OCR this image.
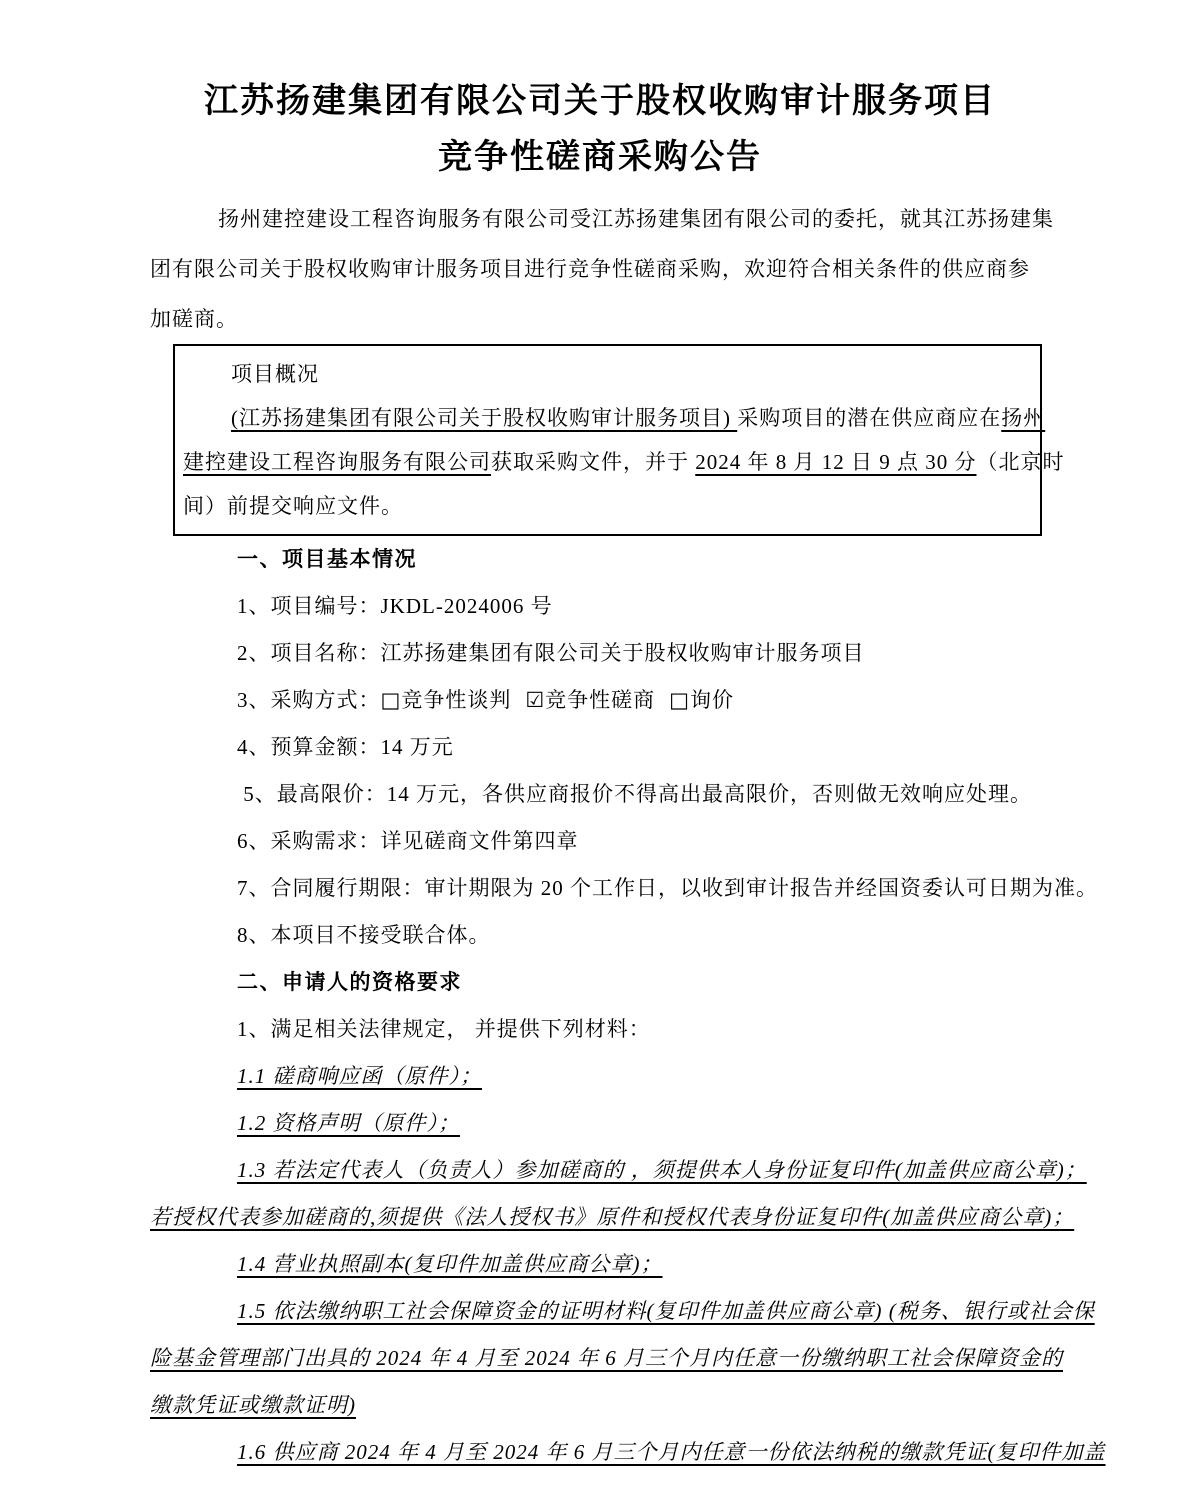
江苏扬建集团有限公司关于股权收购审计服务项目
竞争性磋商采购公告
扬州建控建设工程咨询服务有限公司受江苏扬建集团有限公司的委托，就其江苏扬建集
团有限公司关于股权收购审计服务项目进行竞争性磋商采购，欢迎符合相关条件的供应商参
加磋商。
项目概况
(江苏扬建集团有限公司关于股权收购审计服务项目) 采购项目的潜在供应商应在扬州
建控建设工程咨询服务有限公司获取采购文件，并于 2024 年 8 月 12 日 9 点 30 分（北京时
间）前提交响应文件。
一、项目基本情况
1、项目编号：JKDL-2024006 号
2、项目名称：江苏扬建集团有限公司关于股权收购审计服务项目
3、采购方式：□竞争性谈判 ☑竞争性磋商 □询价
4、预算金额：14 万元
5、最高限价：14 万元，各供应商报价不得高出最高限价，否则做无效响应处理。
6、采购需求：详见磋商文件第四章
7、合同履行期限：审计期限为 20 个工作日，以收到审计报告并经国资委认可日期为准。
8、本项目不接受联合体。
二、申请人的资格要求
1、满足相关法律规定， 并提供下列材料：
1.1 磋商响应函（原件）；
1.2 资格声明（原件）；
1.3 若法定代表人（负责人）参加磋商的 ，须提供本人身份证复印件(加盖供应商公章)；
若授权代表参加磋商的,须提供《法人授权书》原件和授权代表身份证复印件(加盖供应商公章)；
1.4 营业执照副本(复印件加盖供应商公章)；
1.5 依法缴纳职工社会保障资金的证明材料(复印件加盖供应商公章) (税务、银行或社会保
险基金管理部门出具的 2024 年 4 月至 2024 年 6 月三个月内任意一份缴纳职工社会保障资金的
缴款凭证或缴款证明)
1.6 供应商 2024 年 4 月至 2024 年 6 月三个月内任意一份依法纳税的缴款凭证(复印件加盖
